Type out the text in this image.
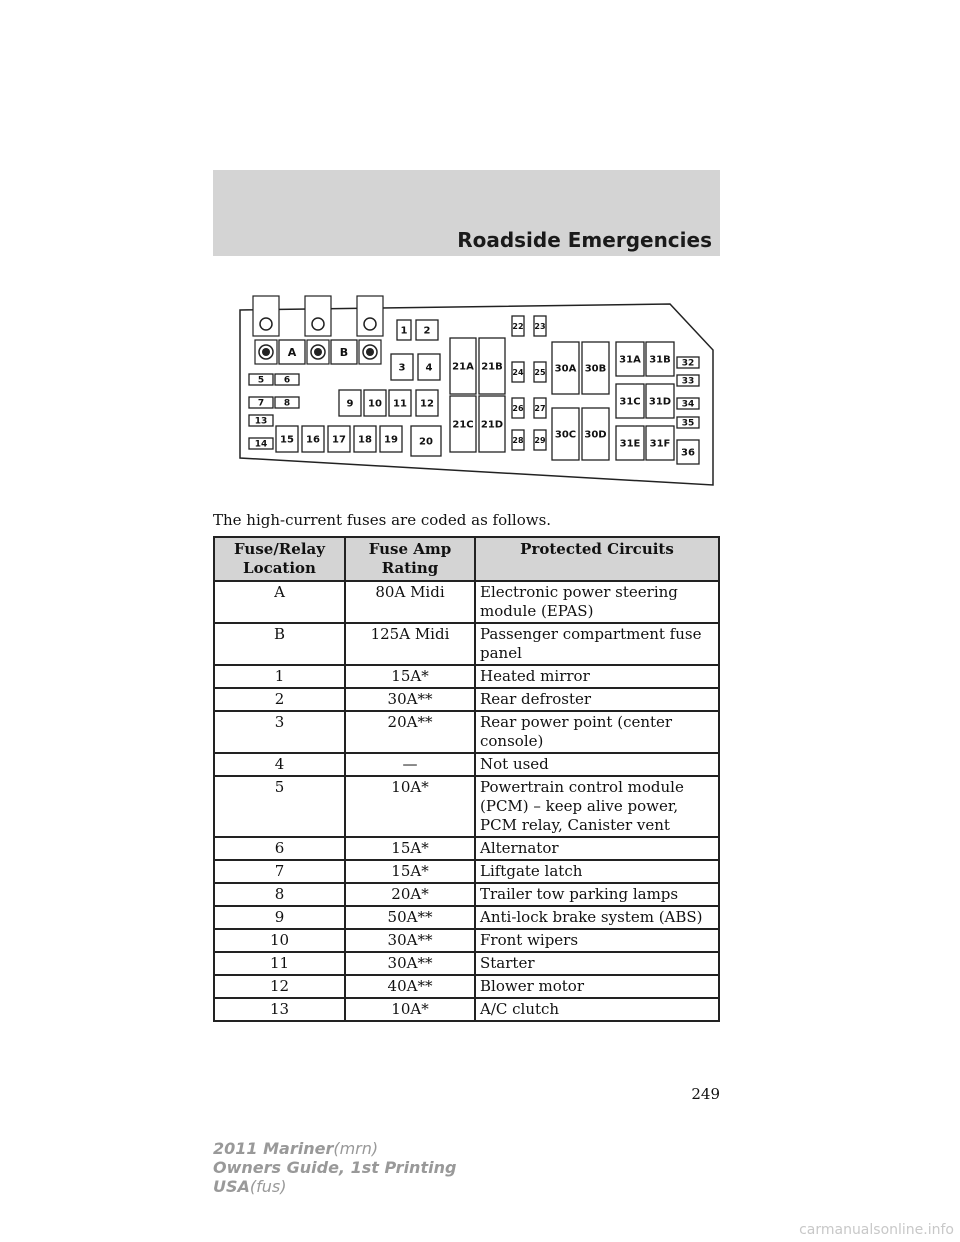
Roadside Emergencies
A	B
1 2
3 4
5 6
7 8
13
14
9 10 11 12
15 16 17 18 19 20
21A 21B
21C 21D
22 23
24 25
26 27
28 29
30A 30B
30C 30D
31A 31B
31C 31D
31E 31F
32
33
34
35
36
The high-current fuses are coded as follows.
Fuse/Relay Location	Fuse Amp Rating	Protected Circuits
A	80A Midi	Electronic power steering module (EPAS)
B	125A Midi	Passenger compartment fuse panel
1	15A*	Heated mirror
2	30A**	Rear defroster
3	20A**	Rear power point (center console)
4	—	Not used
5	10A*	Powertrain control module (PCM) – keep alive power, PCM relay, Canister vent
6	15A*	Alternator
7	15A*	Liftgate latch
8	20A*	Trailer tow parking lamps
9	50A**	Anti-lock brake system (ABS)
10	30A**	Front wipers
11	30A**	Starter
12	40A**	Blower motor
13	10A*	A/C clutch
249
2011 Mariner(mrn)
Owners Guide, 1st Printing
USA(fus)
carmanualsonline.info
